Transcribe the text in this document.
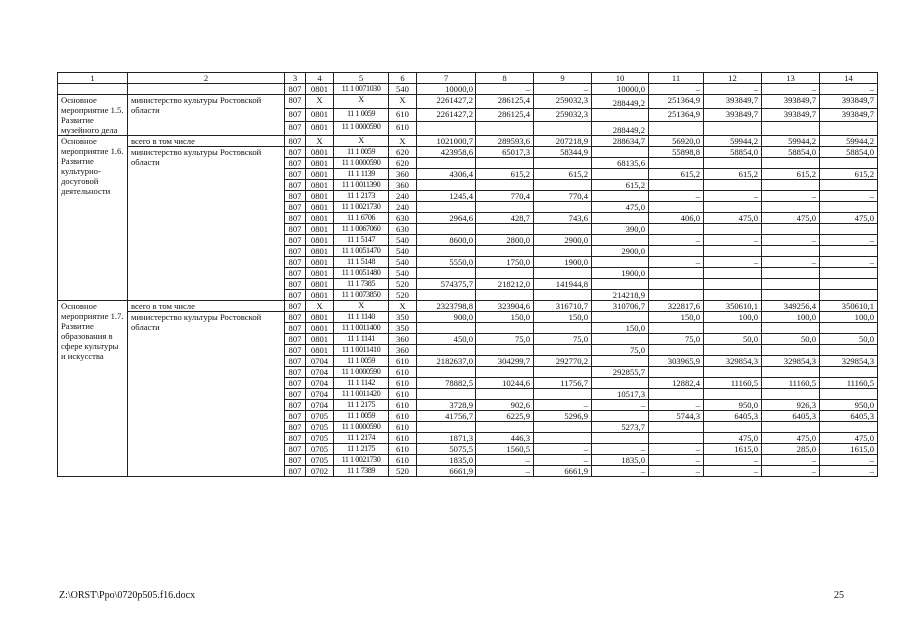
1	2	3	4	5	6	7	8	9	10	11	12	13	14
		807	0801	11 1 0071030	540	10000,0	–	–	10000,0	–	–	–	–
Основное мероприятие 1.5. Развитие музейного дела	министерство культуры Ростовской области	807	Х	Х	Х	2261427,2	286125,4	259032,3	288449,2	251364,9	393849,7	393849,7	393849,7
		807	0801	11 1 0059	610	2261427,2	286125,4	259032,3		251364,9	393849,7	393849,7	393849,7
		807	0801	11 1 0000590	610				288449,2				
Основное мероприятие 1.6. Развитие культурно-досуговой деятельности	всего в том числе	807	Х	Х	Х	1021000,7	289593,6	207218,9	288634,7	56920,0	59944,2	59944,2	59944,2
	министерство культуры Ростовской области	807	0801	11 1 0059	620	423958,6	65017,3	58344,9		55898,8	58854,0	58854,0	58854,0
		807	0801	11 1 0000590	620				68135,6				
		807	0801	11 1 1139	360	4306,4	615,2	615,2		615,2	615,2	615,2	615,2
		807	0801	11 1 0011390	360				615,2				
		807	0801	11 1 2173	240	1245,4	770,4	770,4		–	–	–	–
		807	0801	11 1 0021730	240				475,0				
		807	0801	11 1 6706	630	2964,6	428,7	743,6		406,0	475,0	475,0	475,0
		807	0801	11 1 0067060	630				390,0				
		807	0801	11 1 5147	540	8600,0	2800,0	2900,0		–	–	–	–
		807	0801	11 1 0051470	540				2900,0				
		807	0801	11 1 5148	540	5550,0	1750,0	1900,0		–	–	–	–
		807	0801	11 1 0051480	540				1900,0				
		807	0801	11 1 7385	520	574375,7	218212,0	141944,8					
		807	0801	11 1 0073850	520				214218,9				
Основное мероприятие 1.7. Развитие образования в сфере культуры и искусства	всего в том числе	807	Х	Х	Х	2323798,8	323904,6	316710,7	310706,7	322817,6	350610,1	349256,4	350610,1
	министерство культуры Ростовской области	807	0801	11 1 1140	350	900,0	150,0	150,0		150,0	100,0	100,0	100,0
		807	0801	11 1 0011400	350				150,0				
		807	0801	11 1 1141	360	450,0	75,0	75,0		75,0	50,0	50,0	50,0
		807	0801	11 1 0011410	360				75,0				
		807	0704	11 1 0059	610	2182637,0	304299,7	292770,2		303965,9	329854,3	329854,3	329854,3
		807	0704	11 1 0000590	610				292855,7				
		807	0704	11 1 1142	610	78882,5	10244,6	11756,7		12882,4	11160,5	11160,5	11160,5
		807	0704	11 1 0011420	610				10517,3				
		807	0704	11 1 2175	610	3728,9	902,6	–	–	–	950,0	926,3	950,0
		807	0705	11 1 0059	610	41756,7	6225,9	5296,9		5744,3	6405,3	6405,3	6405,3
		807	0705	11 1 0000590	610				5273,7				
		807	0705	11 1 2174	610	1871,3	446,3				475,0	475,0	475,0
		807	0705	11 1 2175	610	5075,5	1560,5	–	–	–	1615,0	285,0	1615,0
		807	0705	11 1 0021730	610	1835,0	–	–	1835,0	–	–	–	–
		807	0702	11 1 7389	520	6661,9	–	6661,9	–	–	–	–	–
Z:\ORST\Ppo\0720p505.f16.docx	25
